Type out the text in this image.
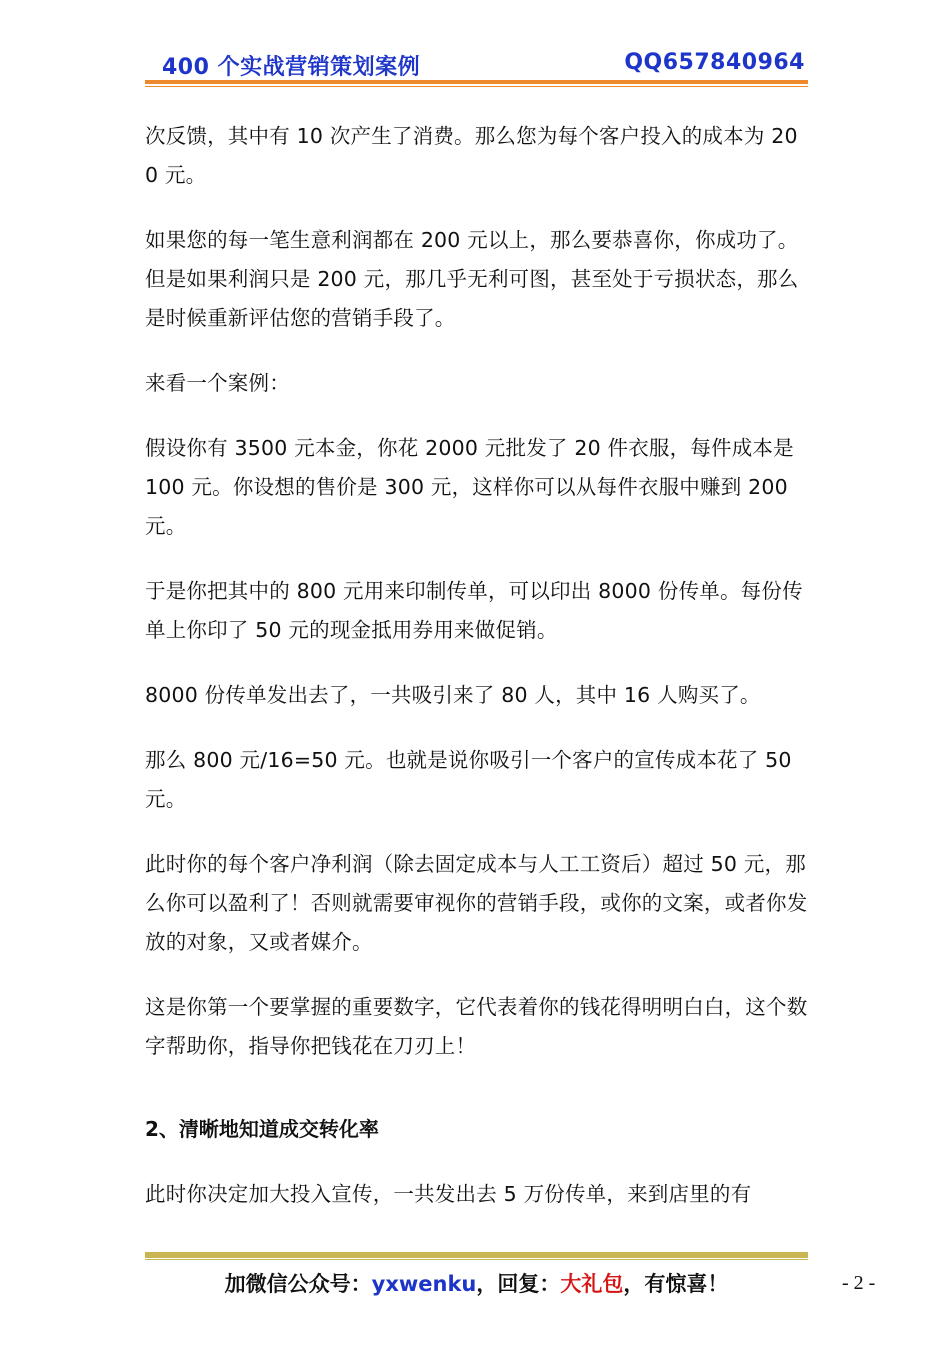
400 个实战营销策划案例	QQ657840964

次反馈，其中有 10 次产生了消费。那么您为每个客户投入的成本为 200 元。

如果您的每一笔生意利润都在 200 元以上，那么要恭喜你，你成功了。但是如果利润只是 200 元，那几乎无利可图，甚至处于亏损状态，那么是时候重新评估您的营销手段了。

来看一个案例：

假设你有 3500 元本金，你花 2000 元批发了 20 件衣服，每件成本是 100 元。你设想的售价是 300 元，这样你可以从每件衣服中赚到 200 元。

于是你把其中的 800 元用来印制传单，可以印出 8000 份传单。每份传单上你印了 50 元的现金抵用券用来做促销。

8000 份传单发出去了，一共吸引来了 80 人，其中 16 人购买了。

那么 800 元/16=50 元。也就是说你吸引一个客户的宣传成本花了 50 元。

此时你的每个客户净利润（除去固定成本与人工工资后）超过 50 元，那么你可以盈利了！否则就需要审视你的营销手段，或你的文案，或者你发放的对象，又或者媒介。

这是你第一个要掌握的重要数字，它代表着你的钱花得明明白白，这个数字帮助你，指导你把钱花在刀刃上！

2、清晰地知道成交转化率

此时你决定加大投入宣传，一共发出去 5 万份传单，来到店里的有

加微信公众号：yxwenku，回复：大礼包，有惊喜！	- 2 -
